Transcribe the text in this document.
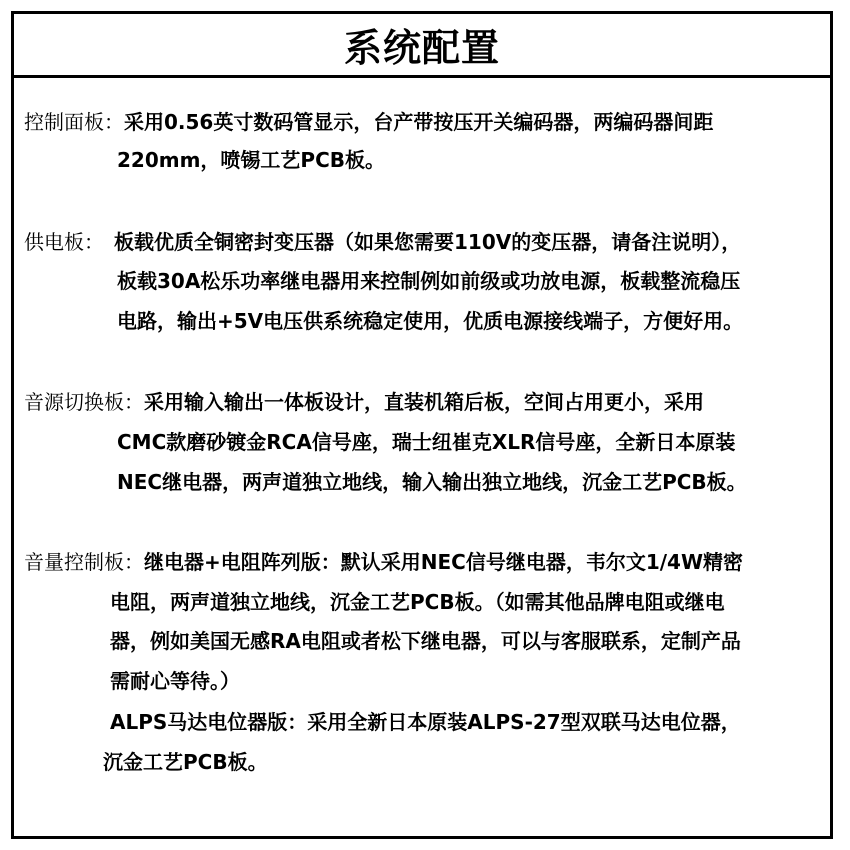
系统配置
控制面板：采用0.56英寸数码管显示，台产带按压开关编码器，两编码器间距
220mm，喷锡工艺PCB板。
供电板： 板载优质全铜密封变压器（如果您需要110V的变压器，请备注说明），
板载30A松乐功率继电器用来控制例如前级或功放电源，板载整流稳压
电路，输出+5V电压供系统稳定使用，优质电源接线端子，方便好用。
音源切换板：采用输入输出一体板设计，直装机箱后板，空间占用更小，采用
CMC款磨砂镀金RCA信号座，瑞士纽崔克XLR信号座，全新日本原装
NEC继电器，两声道独立地线，输入输出独立地线，沉金工艺PCB板。
音量控制板：继电器+电阻阵列版：默认采用NEC信号继电器，韦尔文1/4W精密
电阻，两声道独立地线，沉金工艺PCB板。（如需其他品牌电阻或继电
器，例如美国无感RA电阻或者松下继电器，可以与客服联系，定制产品
需耐心等待。）
ALPS马达电位器版：采用全新日本原装ALPS-27型双联马达电位器，
沉金工艺PCB板。
